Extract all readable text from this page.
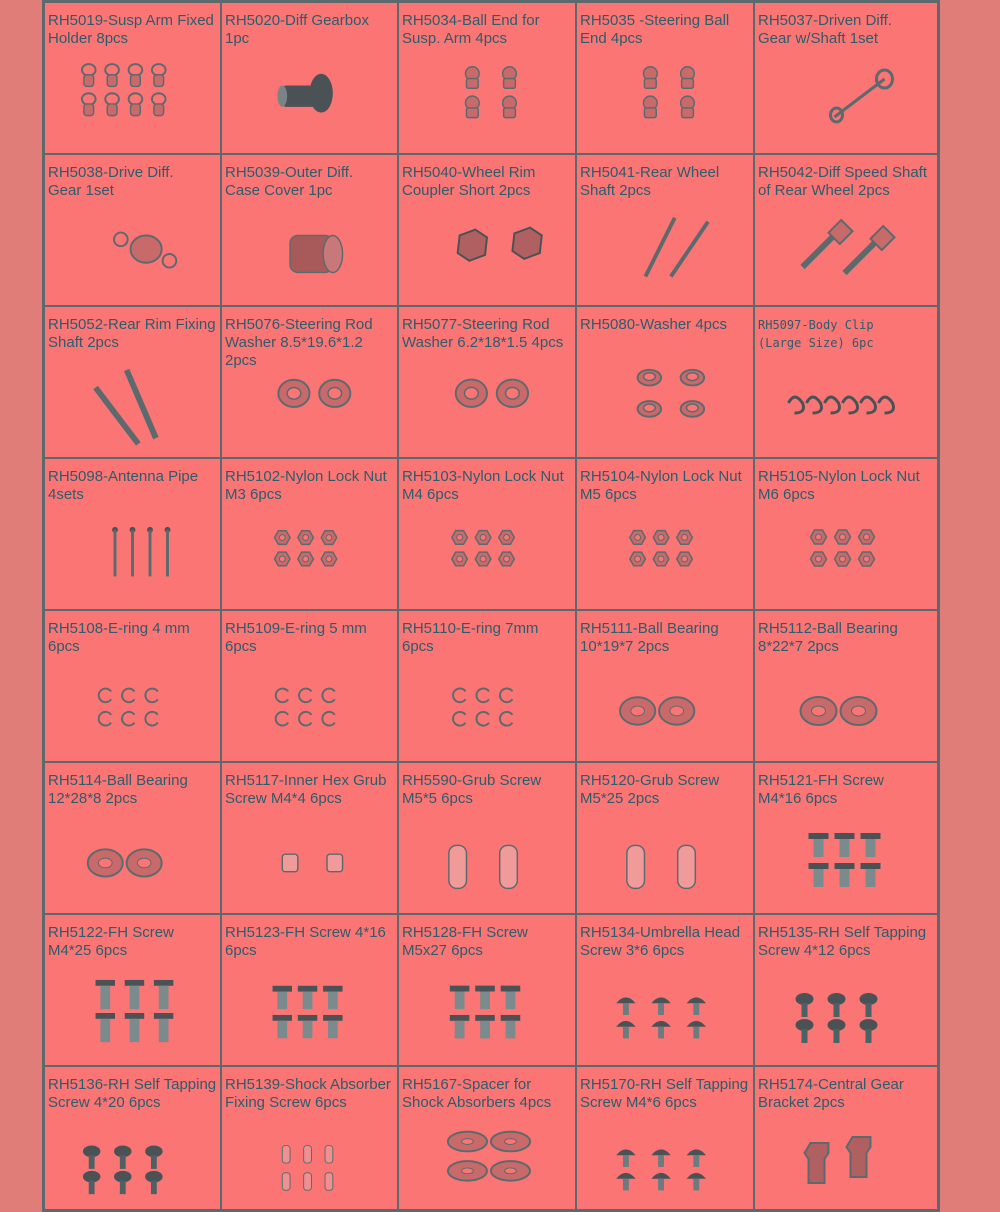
RH5019-Susp Arm Fixed
Holder 8pcs
RH5020-Diff Gearbox
1pc
RH5034-Ball End for
Susp. Arm 4pcs
RH5035 -Steering Ball
End 4pcs
RH5037-Driven Diff.
Gear w/Shaft 1set
RH5038-Drive Diff.
Gear 1set
RH5039-Outer Diff.
Case Cover 1pc
RH5040-Wheel Rim
Coupler Short 2pcs
RH5041-Rear Wheel
Shaft 2pcs
RH5042-Diff Speed Shaft
of Rear Wheel 2pcs
RH5052-Rear Rim Fixing
Shaft 2pcs
RH5076-Steering Rod
Washer 8.5*19.6*1.2
2pcs
RH5077-Steering Rod
Washer 6.2*18*1.5 4pcs
RH5080-Washer 4pcs	RH5097-Body Clip
(Large Size) 6pc
RH5098-Antenna Pipe
4sets
RH5102-Nylon Lock Nut
M3 6pcs
RH5103-Nylon Lock Nut
M4 6pcs
RH5104-Nylon Lock Nut
M5 6pcs
RH5105-Nylon Lock Nut
M6 6pcs
RH5108-E-ring 4 mm
6pcs
RH5109-E-ring 5 mm
6pcs
RH5110-E-ring 7mm
6pcs
RH5111-Ball Bearing
10*19*7 2pcs
RH5112-Ball Bearing
8*22*7 2pcs
RH5114-Ball Bearing
12*28*8 2pcs
RH5117-Inner Hex Grub
Screw M4*4 6pcs
RH5590-Grub Screw
M5*5 6pcs
RH5120-Grub Screw
M5*25 2pcs
RH5121-FH Screw
M4*16 6pcs
RH5122-FH Screw
M4*25 6pcs
RH5123-FH Screw 4*16
6pcs
RH5128-FH Screw
M5x27 6pcs
RH5134-Umbrella Head
Screw 3*6 6pcs
RH5135-RH Self Tapping
Screw 4*12 6pcs
RH5136-RH Self Tapping
Screw 4*20 6pcs
RH5139-Shock Absorber
Fixing Screw 6pcs
RH5167-Spacer for
Shock Absorbers 4pcs
RH5170-RH Self Tapping
Screw M4*6 6pcs
RH5174-Central Gear
Bracket 2pcs
